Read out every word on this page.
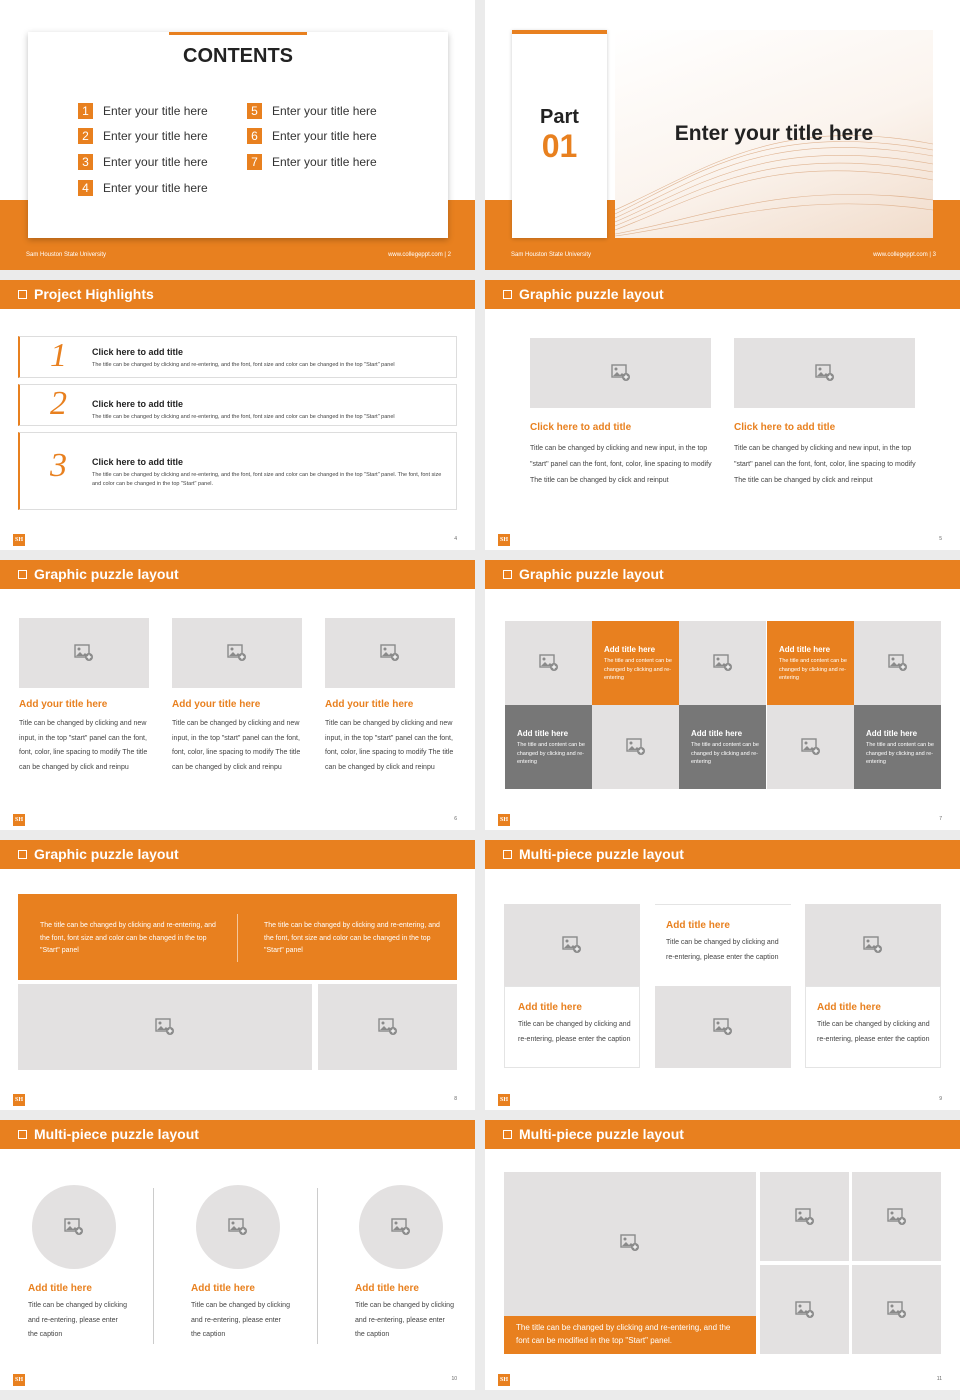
CONTENTS
1	Enter your title here
2	Enter your title here
3	Enter your title here
4	Enter your title here
5	Enter your title here
6	Enter your title here
7	Enter your title here
Sam Houston State University	www.collegeppt.com | 2
Part
01	Enter your title here
Sam Houston State University	www.collegeppt.com | 3
Project Highlights
1	Click here to add title
The title can be changed by clicking and re-entering, and the font, font size and color can be changed in the top "Start" panel
2	Click here to add title
The title can be changed by clicking and re-entering, and the font, font size and color can be changed in the top "Start" panel
3	Click here to add title
The title can be changed by clicking and re-entering, and the font, font size and color can be changed in the top "Start" panel. The font, font size and color can be changed in the top "Start" panel.
SH	4
Graphic puzzle layout
Click here to add title
Title can be changed by clicking and new input, in the top "start" panel can the font, font, color, line spacing to modify The title can be changed by click and reinput
Click here to add title
Title can be changed by clicking and new input, in the top "start" panel can the font, font, color, line spacing to modify The title can be changed by click and reinput
SH	5
Graphic puzzle layout
Add your title here
Title can be changed by clicking and new input, in the top "start" panel can the font, font, color, line spacing to modify The title can be changed by click and reinpu
Add your title here
Title can be changed by clicking and new input, in the top "start" panel can the font, font, color, line spacing to modify The title can be changed by click and reinpu
Add your title here
Title can be changed by clicking and new input, in the top "start" panel can the font, font, color, line spacing to modify The title can be changed by click and reinpu
SH	6
Graphic puzzle layout
Add title here
The title and content can be changed by clicking and re-entering
Add title here
The title and content can be changed by clicking and re-entering
Add title here
The title and content can be changed by clicking and re-entering
Add title here
The title and content can be changed by clicking and re-entering
Add title here
The title and content can be changed by clicking and re-entering
SH	7
Graphic puzzle layout
The title can be changed by clicking and re-entering, and the font, font size and color can be changed in the top "Start" panel
The title can be changed by clicking and re-entering, and the font, font size and color can be changed in the top "Start" panel
SH	8
Multi-piece puzzle layout
Add title here
Title can be changed by clicking and re-entering, please enter the caption
Add title here
Title can be changed by clicking and re-entering, please enter the caption
Add title here
Title can be changed by clicking and re-entering, please enter the caption
SH	9
Multi-piece puzzle layout
Add title here
Title can be changed by clicking and re-entering, please enter the caption
Add title here
Title can be changed by clicking and re-entering, please enter the caption
Add title here
Title can be changed by clicking and re-entering, please enter the caption
SH	10
Multi-piece puzzle layout
The title can be changed by clicking and re-entering, and the font can be modified in the top "Start" panel.
SH	11
